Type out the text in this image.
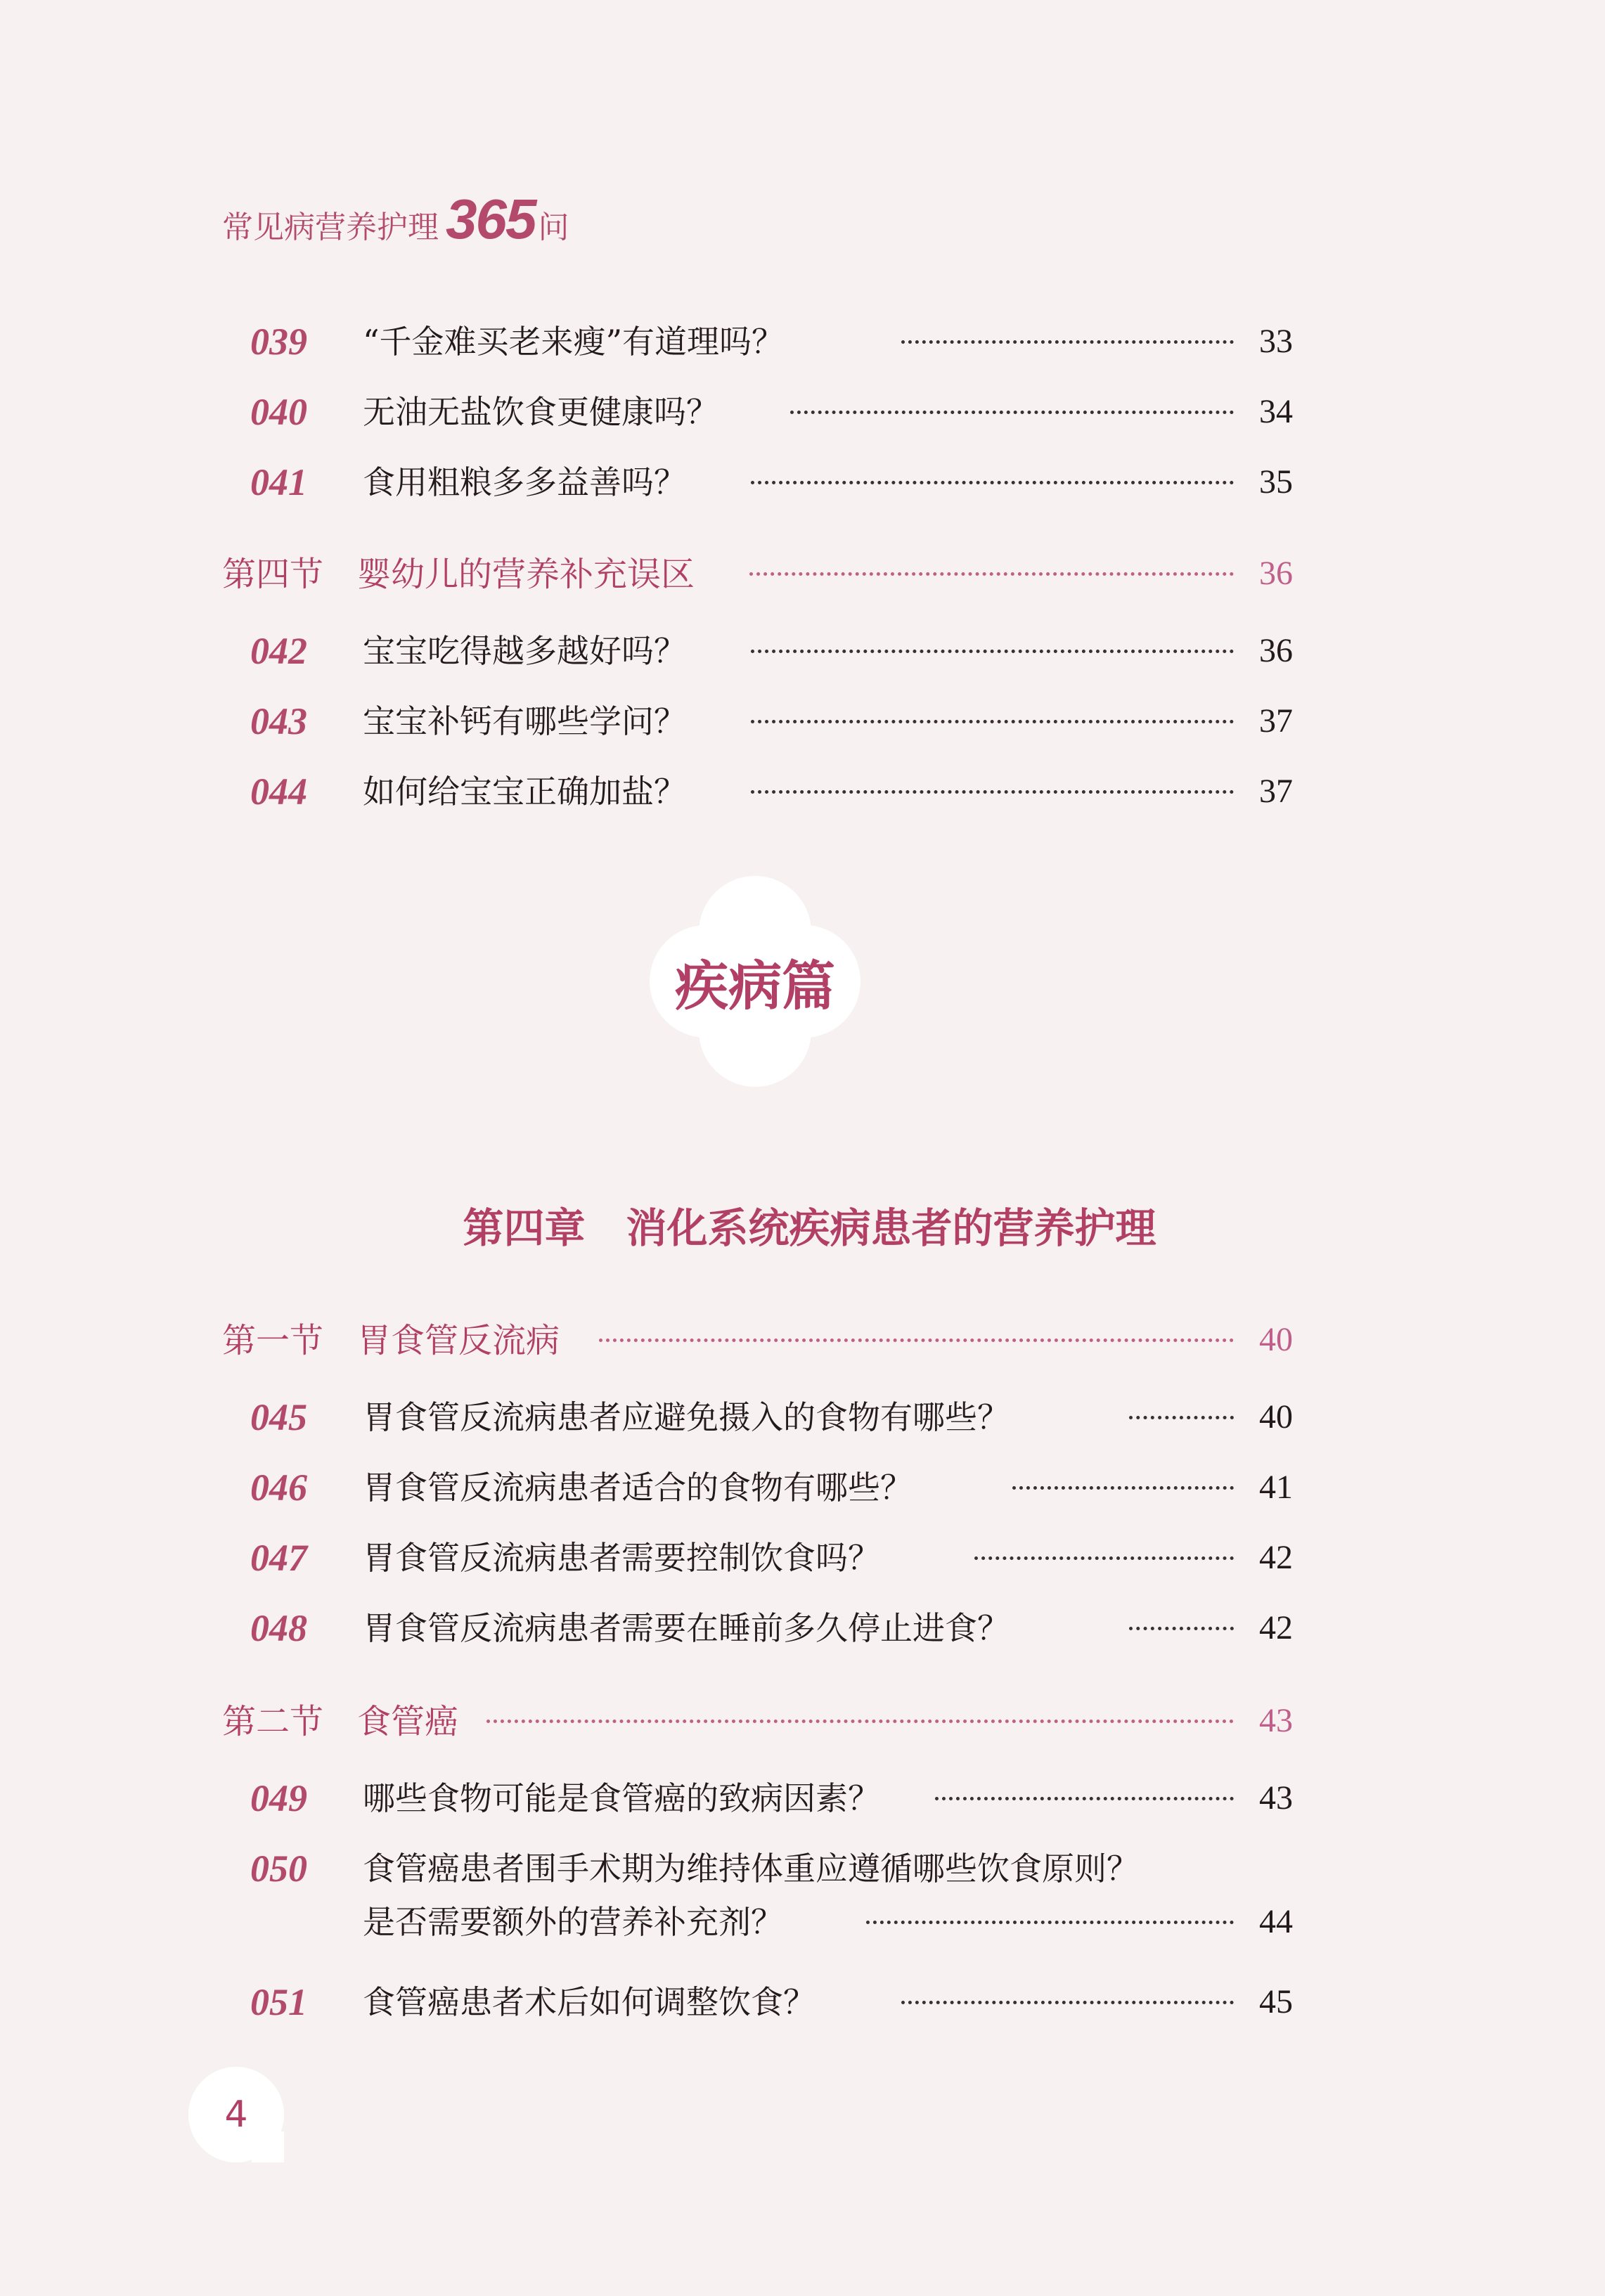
常见病营养护理 365 问
039 “千金难买老来瘦”有道理吗？	33
040 无油无盐饮食更健康吗？	34
041 食用粗粮多多益善吗？	35
第四节　婴幼儿的营养补充误区	36
042 宝宝吃得越多越好吗？	36
043 宝宝补钙有哪些学问？	37
044 如何给宝宝正确加盐？	37
疾病篇
第四章　消化系统疾病患者的营养护理
第一节　胃食管反流病	40
045 胃食管反流病患者应避免摄入的食物有哪些？	40
046 胃食管反流病患者适合的食物有哪些？	41
047 胃食管反流病患者需要控制饮食吗？	42
048 胃食管反流病患者需要在睡前多久停止进食？	42
第二节　食管癌	43
049 哪些食物可能是食管癌的致病因素？	43
050 食管癌患者围手术期为维持体重应遵循哪些饮食原则？
是否需要额外的营养补充剂？	44
051 食管癌患者术后如何调整饮食？	45
4
